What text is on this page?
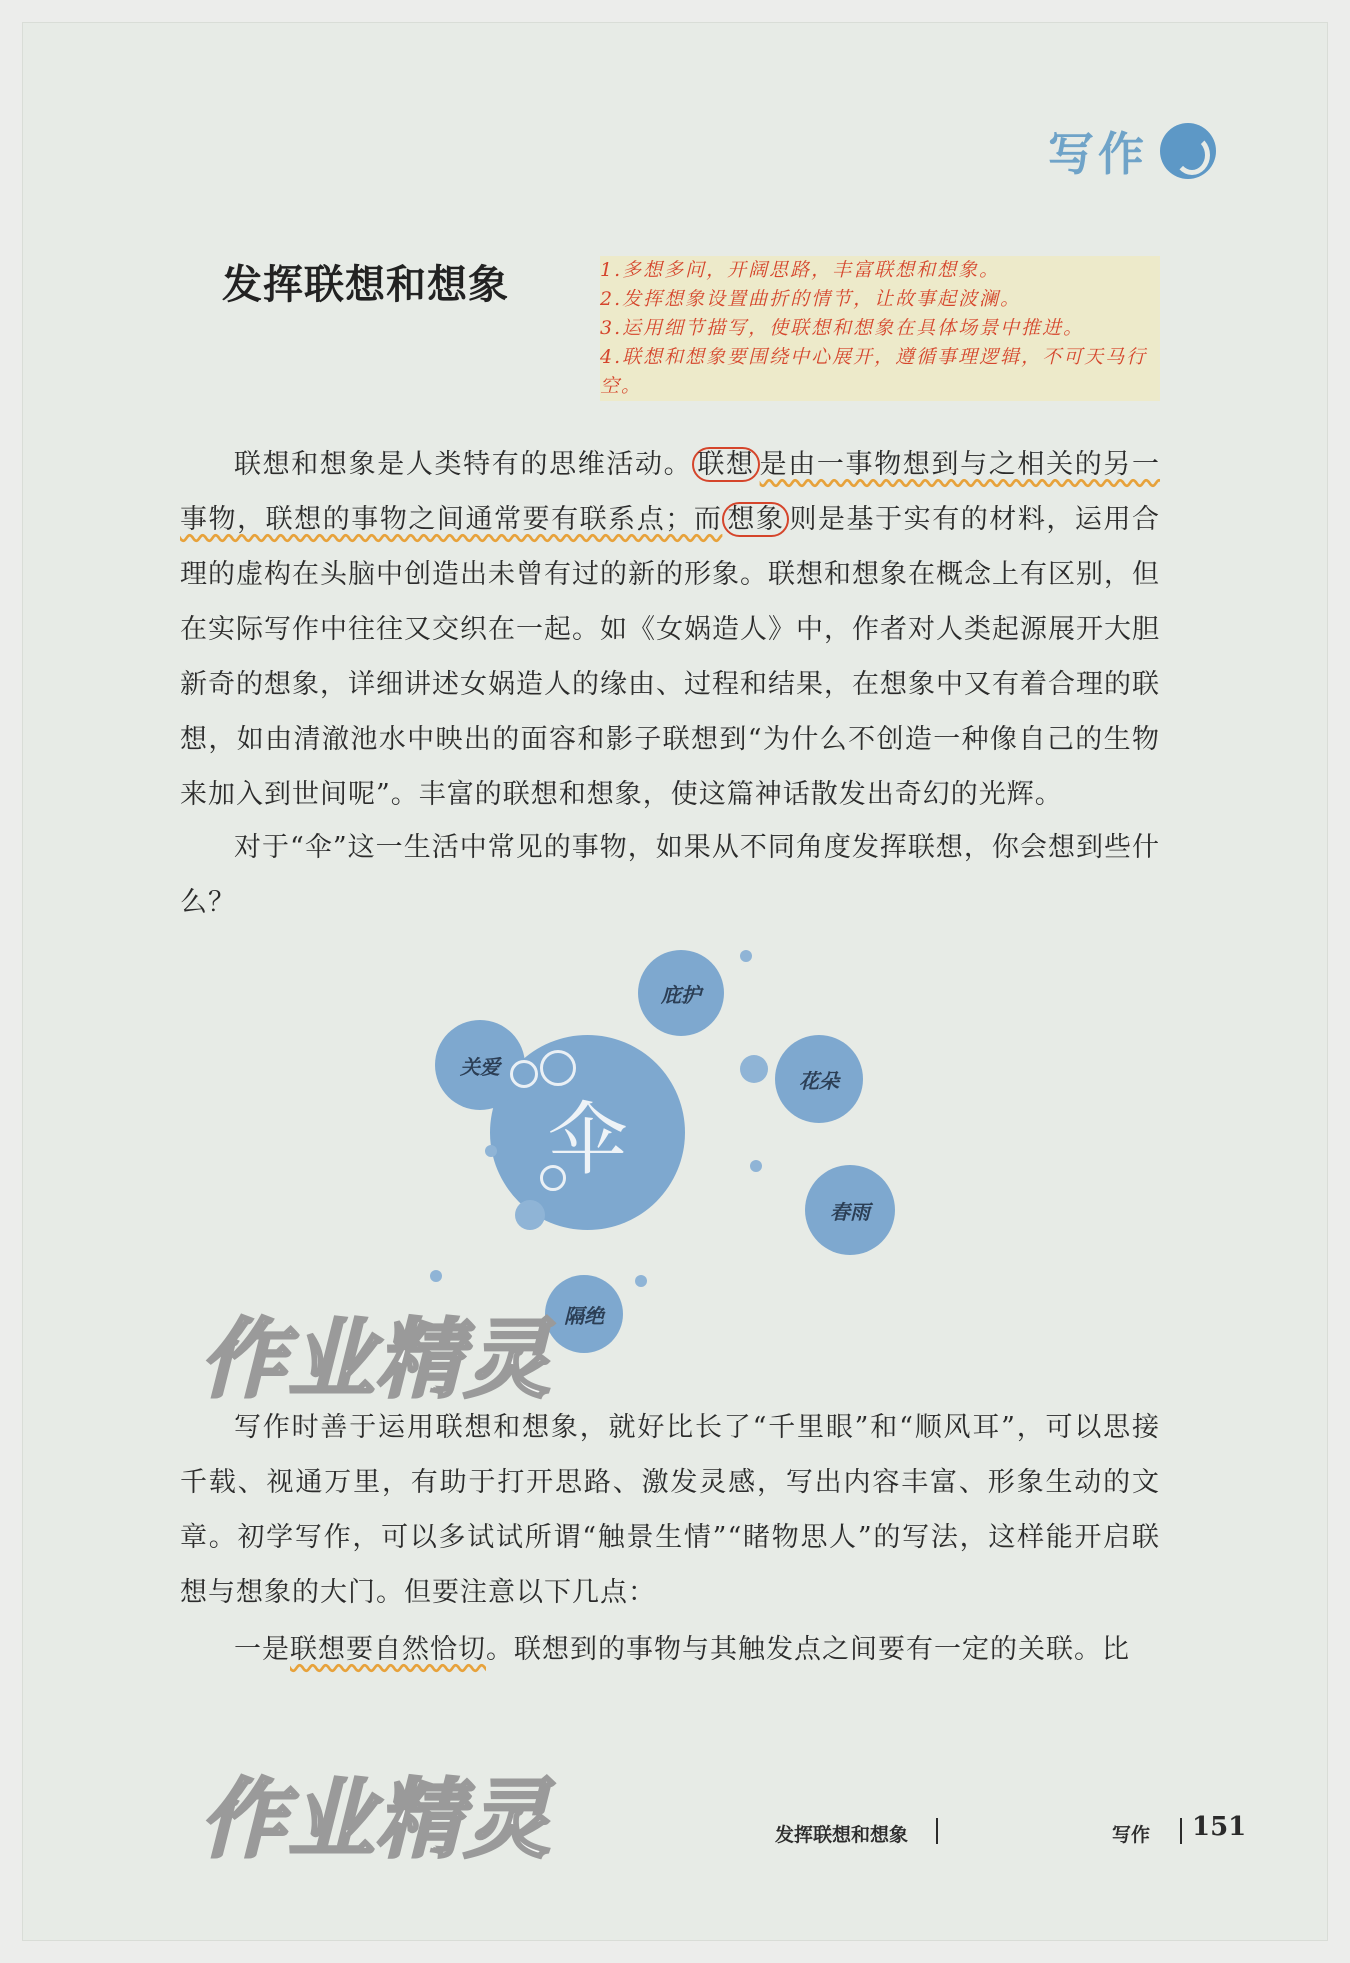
写作
发挥联想和想象	1.多想多问，开阔思路，丰富联想和想象。
2.发挥想象设置曲折的情节，让故事起波澜。
3.运用细节描写，使联想和想象在具体场景中推进。
4.联想和想象要围绕中心展开，遵循事理逻辑，不可天马行空。

联想和想象是人类特有的思维活动。 联想 是由一事物想到与之相关的另一事物，联想的事物之间通常要有联系点；而 想象 则是基于实有的材料，运用合理的虚构在头脑中创造出未曾有过的新的形象。联想和想象在概念上有区别，但在实际写作中往往又交织在一起。如《女娲造人》中，作者对人类起源展开大胆新奇的想象，详细讲述女娲造人的缘由、过程和结果，在想象中又有着合理的联想，如由清澈池水中映出的面容和影子联想到“为什么不创造一种像自己的生物来加入到世间呢”。丰富的联想和想象，使这篇神话散发出奇幻的光辉。

对于“伞”这一生活中常见的事物，如果从不同角度发挥联想，你会想到些什么？

伞
庇护
花朵
关爱
春雨
隔绝
作业精灵

写作时善于运用联想和想象，就好比长了“千里眼”和“顺风耳”，可以思接千载、视通万里，有助于打开思路、激发灵感，写出内容丰富、形象生动的文章。初学写作，可以多试试所谓“触景生情”“睹物思人”的写法，这样能开启联想与想象的大门。但要注意以下几点：

一是联想要自然恰切。联想到的事物与其触发点之间要有一定的关联。比

作业精灵	发挥联想和想象	写作 151
